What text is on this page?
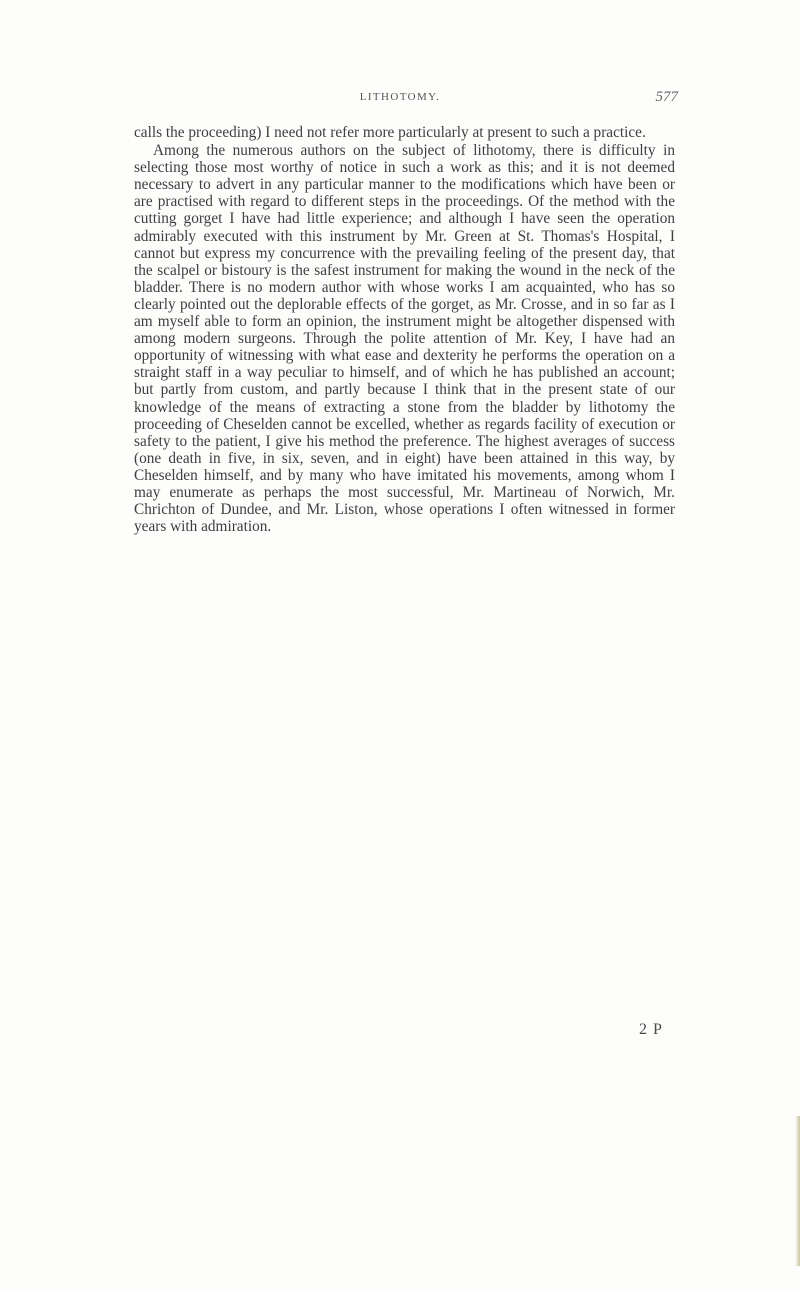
LITHOTOMY.	577

calls the proceeding) I need not refer more particularly at present to such a practice.

Among the numerous authors on the subject of lithotomy, there is difficulty in selecting those most worthy of notice in such a work as this; and it is not deemed necessary to advert in any particular manner to the modifications which have been or are practised with regard to different steps in the proceedings. Of the method with the cutting gorget I have had little experience; and although I have seen the operation admirably executed with this instrument by Mr. Green at St. Thomas's Hospital, I cannot but express my concurrence with the prevailing feeling of the present day, that the scalpel or bistoury is the safest instrument for making the wound in the neck of the bladder. There is no modern author with whose works I am acquainted, who has so clearly pointed out the deplorable effects of the gorget, as Mr. Crosse, and in so far as I am myself able to form an opinion, the instrument might be altogether dispensed with among modern surgeons. Through the polite attention of Mr. Key, I have had an opportunity of witnessing with what ease and dexterity he performs the operation on a straight staff in a way peculiar to himself, and of which he has published an account; but partly from custom, and partly because I think that in the present state of our knowledge of the means of extracting a stone from the bladder by lithotomy the proceeding of Cheselden cannot be excelled, whether as regards facility of execution or safety to the patient, I give his method the preference. The highest averages of success (one death in five, in six, seven, and in eight) have been attained in this way, by Cheselden himself, and by many who have imitated his movements, among whom I may enumerate as perhaps the most successful, Mr. Martineau of Norwich, Mr. Chrichton of Dundee, and Mr. Liston, whose operations I often witnessed in former years with admiration.

2 P
